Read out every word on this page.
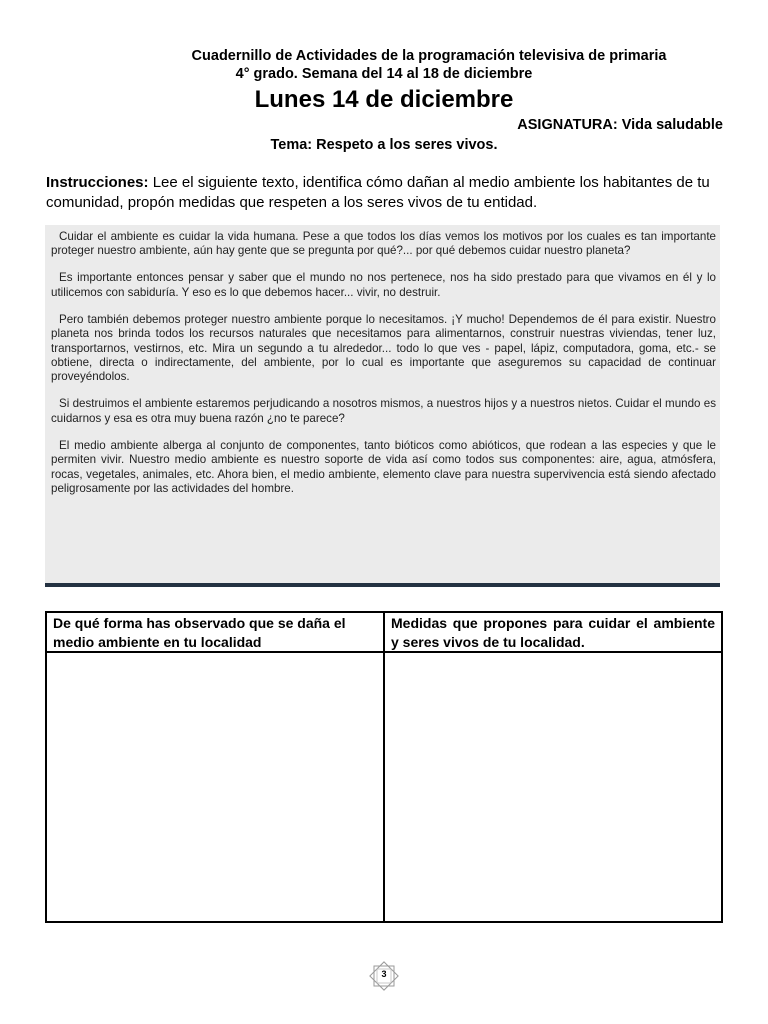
Cuadernillo de Actividades de la programación televisiva de primaria
4° grado. Semana del 14 al 18 de diciembre
Lunes 14 de diciembre
ASIGNATURA: Vida saludable
Tema: Respeto a los seres vivos.
Instrucciones: Lee el siguiente texto, identifica cómo dañan al medio ambiente los habitantes de tu comunidad, propón medidas que respeten a los seres vivos de tu entidad.

Cuidar el ambiente es cuidar la vida humana. Pese a que todos los días vemos los motivos por los cuales es tan importante proteger nuestro ambiente, aún hay gente que se pregunta por qué?... por qué debemos cuidar nuestro planeta?

Es importante entonces pensar y saber que el mundo no nos pertenece, nos ha sido prestado para que vivamos en él y lo utilicemos con sabiduría. Y eso es lo que debemos hacer... vivir, no destruir.

Pero también debemos proteger nuestro ambiente porque lo necesitamos. ¡Y mucho! Dependemos de él para existir. Nuestro planeta nos brinda todos los recursos naturales que necesitamos para alimentarnos, construir nuestras viviendas, tener luz, transportarnos, vestirnos, etc. Mira un segundo a tu alrededor... todo lo que ves - papel, lápiz, computadora, goma, etc.- se obtiene, directa o indirectamente, del ambiente, por lo cual es importante que aseguremos su capacidad de continuar proveyéndolos.

Si destruimos el ambiente estaremos perjudicando a nosotros mismos, a nuestros hijos y a nuestros nietos. Cuidar el mundo es cuidarnos y esa es otra muy buena razón ¿no te parece?

El medio ambiente alberga al conjunto de componentes, tanto bióticos como abióticos, que rodean a las especies y que le permiten vivir. Nuestro medio ambiente es nuestro soporte de vida así como todos sus componentes: aire, agua, atmósfera, rocas, vegetales, animales, etc. Ahora bien, el medio ambiente, elemento clave para nuestra supervivencia está siendo afectado peligrosamente por las actividades del hombre.

De qué forma has observado que se daña el medio ambiente en tu localidad
Medidas que propones para cuidar el ambiente y seres vivos de tu localidad.
3
